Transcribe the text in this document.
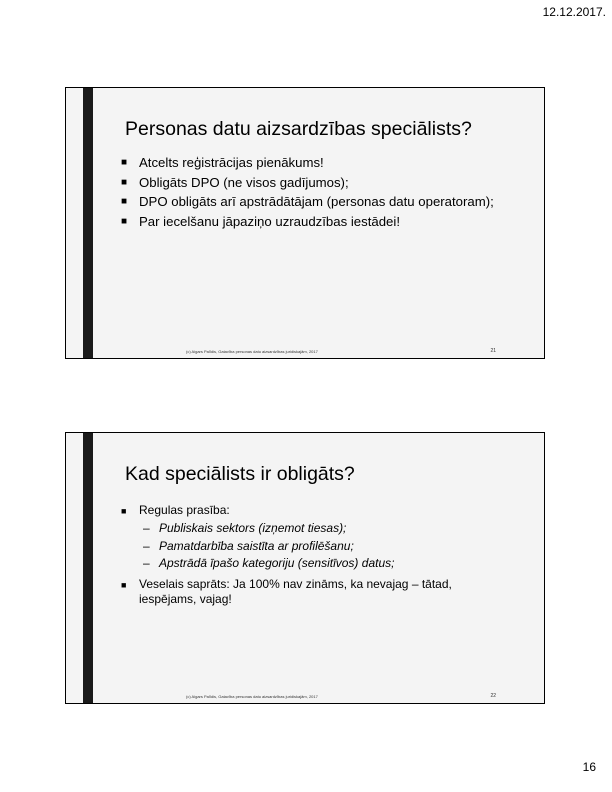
12.12.2017.
Personas datu aizsardzības speciālists?
■ Atcelts reģistrācijas pienākums!
■ Obligāts DPO (ne visos gadījumos);
■ DPO obligāts arī apstrādātājam (personas datu operatoram);
■ Par iecelšanu jāpaziņo uzraudzības iestādei!
(c) Aigars Palīdis, Gatavība personas datu aizsardzības juridiskajām, 2017	21
Kad speciālists ir obligāts?
■ Regulas prasība:
– Publiskais sektors (izņemot tiesas);
– Pamatdarbība saistīta ar profilēšanu;
– Apstrādā īpašo kategoriju (sensitīvos) datus;
■ Veselais saprāts: Ja 100% nav zināms, ka nevajag – tātad, iespējams, vajag!
(c) Aigars Palīdis, Gatavība personas datu aizsardzības juridiskajām, 2017	22
16
